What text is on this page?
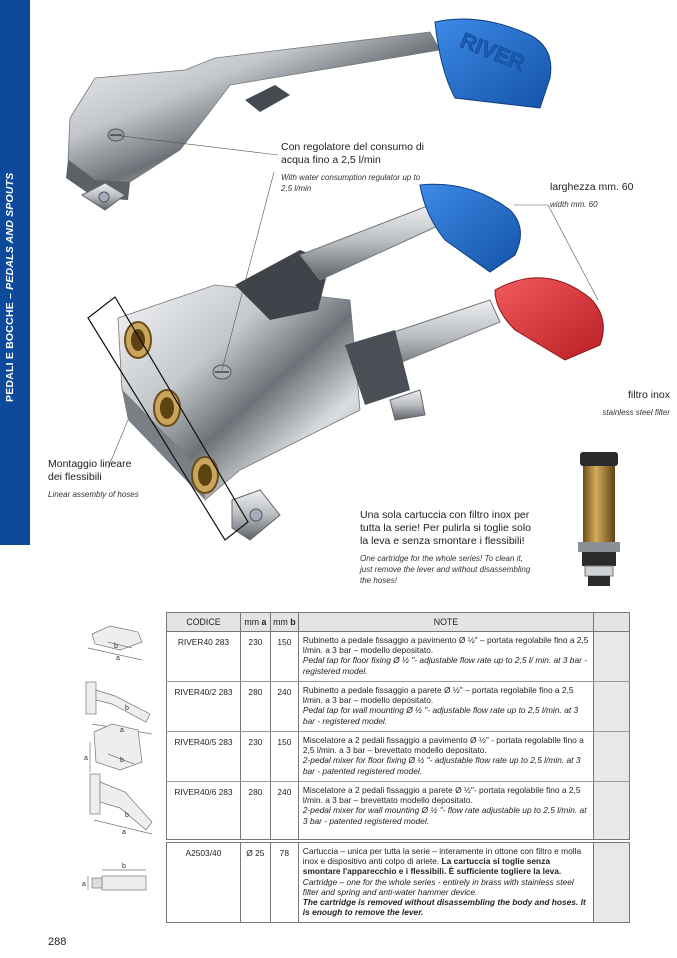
PEDALI E BOCCHE – PEDALS AND SPOUTS
RIVER
Con regolatore del consumo di acqua fino a 2,5 l/min
With water consumption regulator up to 2,5 l/min	larghezza mm. 60
width mm. 60
filtro inox
stainless steel filter
Montaggio lineare dei flessibili
Linear assembly of hoses
Una sola cartuccia con filtro inox per tutta la serie! Per pulirla si toglie solo la leva e senza smontare i flessibili!
One cartridge for the whole series! To clean it, just remove the lever and without disassembling the hoses!
b
a
b
a
b
a
b
a
b
a
CODICE	mm a	mm b	NOTE	
RIVER40 283	230	150	Rubinetto a pedale fissaggio a pavimento Ø ½" – portata regolabile fino a 2,5 l/min. a 3 bar – modello depositato.
Pedal tap for floor fixing Ø ½ "- adjustable flow rate up to 2,5 l/ min. at 3 bar - registered model.	
RIVER40/2 283	280	240	Rubinetto a pedale fissaggio a parete Ø ½" – portata regolabile fino a 2,5 l/min. a 3 bar – modello depositato.
Pedal tap for wall mounting Ø ½ "- adjustable flow rate up to 2,5 l/min. at 3 bar - registered model.	
RIVER40/5 283	230	150	Miscelatore a 2 pedali fissaggio a pavimento Ø ½" - portata regolabile fino a 2,5 l/min. a 3 bar – brevettato modello depositato.
2-pedal mixer for floor fixing Ø ½ "- adjustable flow rate up to 2,5 l/min. at 3 bar - patented registered model.	
RIVER40/6 283	280	240	Miscelatore a 2 pedali fissaggio a parete Ø ½"- portata regolabile fino a 2,5 l/min. a 3 bar – brevettato modello depositato.
2-pedal mixer for wall mounting Ø ½ "- flow rate adjustable up to 2,5 l/min. at 3 bar - patented registered model.	
A2503/40	Ø 25	78	Cartuccia – unica per tutta la serie – interamente in ottone con filtro e molla inox e dispositivo anti colpo di ariete. La cartuccia si toglie senza smontare l'apparecchio e i flessibili. È sufficiente togliere la leva.
Cartridge – one for the whole series - entirely in brass with stainless steel filter and spring and anti-water hammer device.
The cartridge is removed without disassembling the body and hoses. It is enough to remove the lever.	
288
